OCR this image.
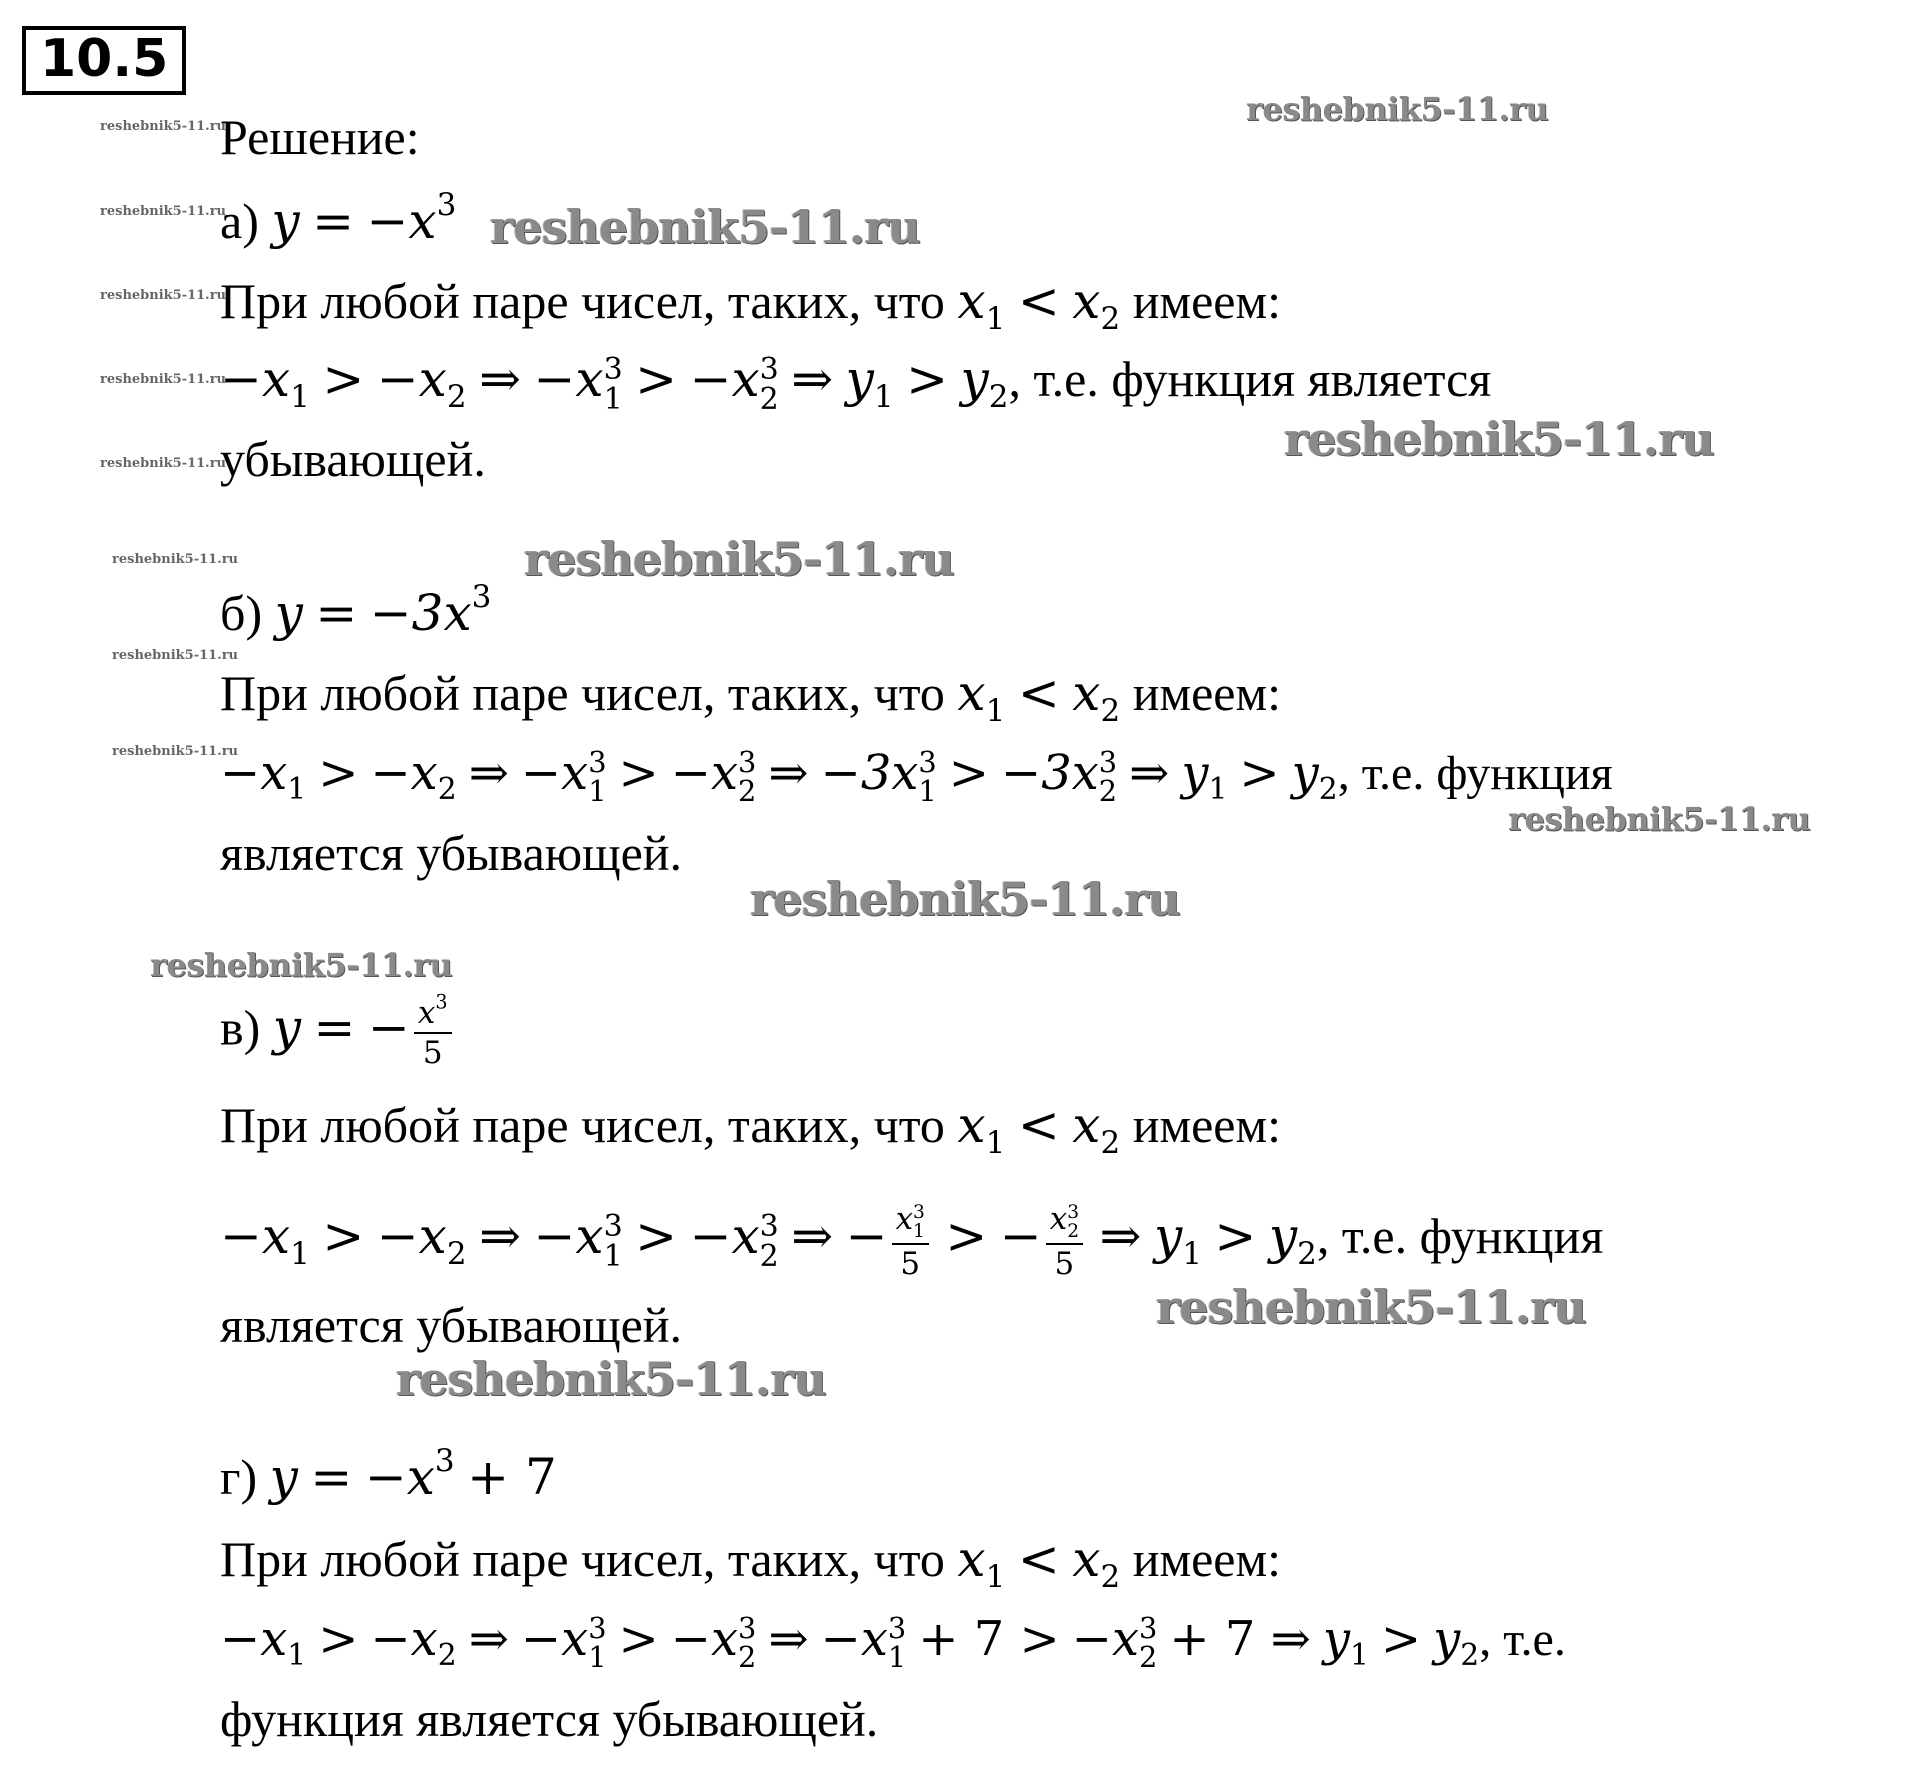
10.5
reshebnik5-11.ru
reshebnik5-11.ru
reshebnik5-11.ru
reshebnik5-11.ru
reshebnik5-11.ru
reshebnik5-11.ru
reshebnik5-11.ru
reshebnik5-11.ru
reshebnik5-11.ru
reshebnik5-11.ru
reshebnik5-11.ru
reshebnik5-11.ru
reshebnik5-11.ru
reshebnik5-11.ru
reshebnik5-11.ru
reshebnik5-11.ru
reshebnik5-11.ru
Решение:
а) $y = -x^3$
При любой паре чисел, таких, что $x_1 < x_2$ имеем:
$-x_1 > -x_2$ ⇒ −x 3
1 > −x 3
2 ⇒ $y_1 > y_2$, т.е. функция является
убывающей.
б) $y = -3x^3$
При любой паре чисел, таких, что $x_1 < x_2$ имеем:
$-x_1 > -x_2$ ⇒ −x 3
1 > −x 3
2 ⇒ −3x 3
1 > −3x 3
2 ⇒ $y_1 > y_2$, т.е. функция
является убывающей.
в) y = − $\frac{x^3}{5}$
При любой паре чисел, таких, что $x_1 < x_2$ имеем:
$-x_1 > -x_2$ ⇒ −x 3
1 > −x 3
2 ⇒ − x 3
1
5 > − x 3
2
5 ⇒ $y_1 > y_2$, т.е. функция
является убывающей.
г) $y = -x^3 + 7$
При любой паре чисел, таких, что $x_1 < x_2$ имеем:
$-x_1 > -x_2$ ⇒ −x 3
1 > −x 3
2 ⇒ −x 3
1 + 7 > −x 3
2 + 7 ⇒ $y_1 > y_2$, т.е.
функция является убывающей.
